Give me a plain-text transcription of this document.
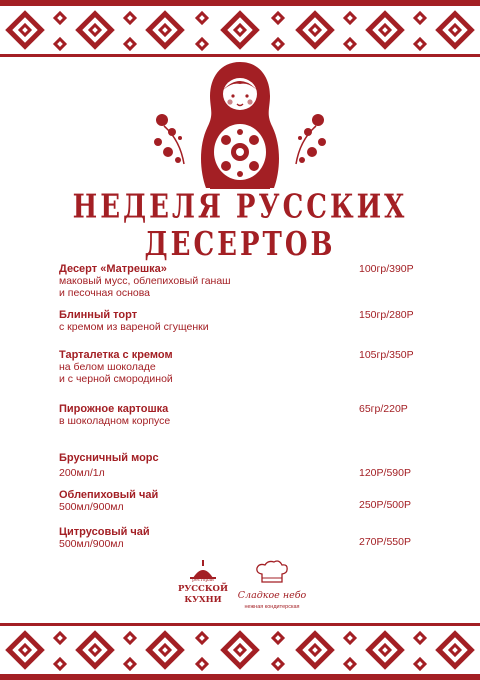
НЕДЕЛЯ РУССКИХ ДЕСЕРТОВ
Десерт «Матрешка»
маковый мусс, облепиховый ганаш
и песочная основа
100гр/390Р
Блинный торт
с кремом из вареной сгущенки
150гр/280Р
Тарталетка с кремом
на белом шоколаде
и с черной смородиной
105гр/350Р
Пирожное картошка
в шоколадном корпусе
65гр/220Р
Брусничный морс
200мл/1л	120Р/590Р
Облепиховый чай
500мл/900мл	250Р/500Р
Цитрусовый чай
500мл/900мл	270Р/550Р
ресторан
РУССКОЙ
КУХНИ	Сладкое небо
нежная кондитерская
